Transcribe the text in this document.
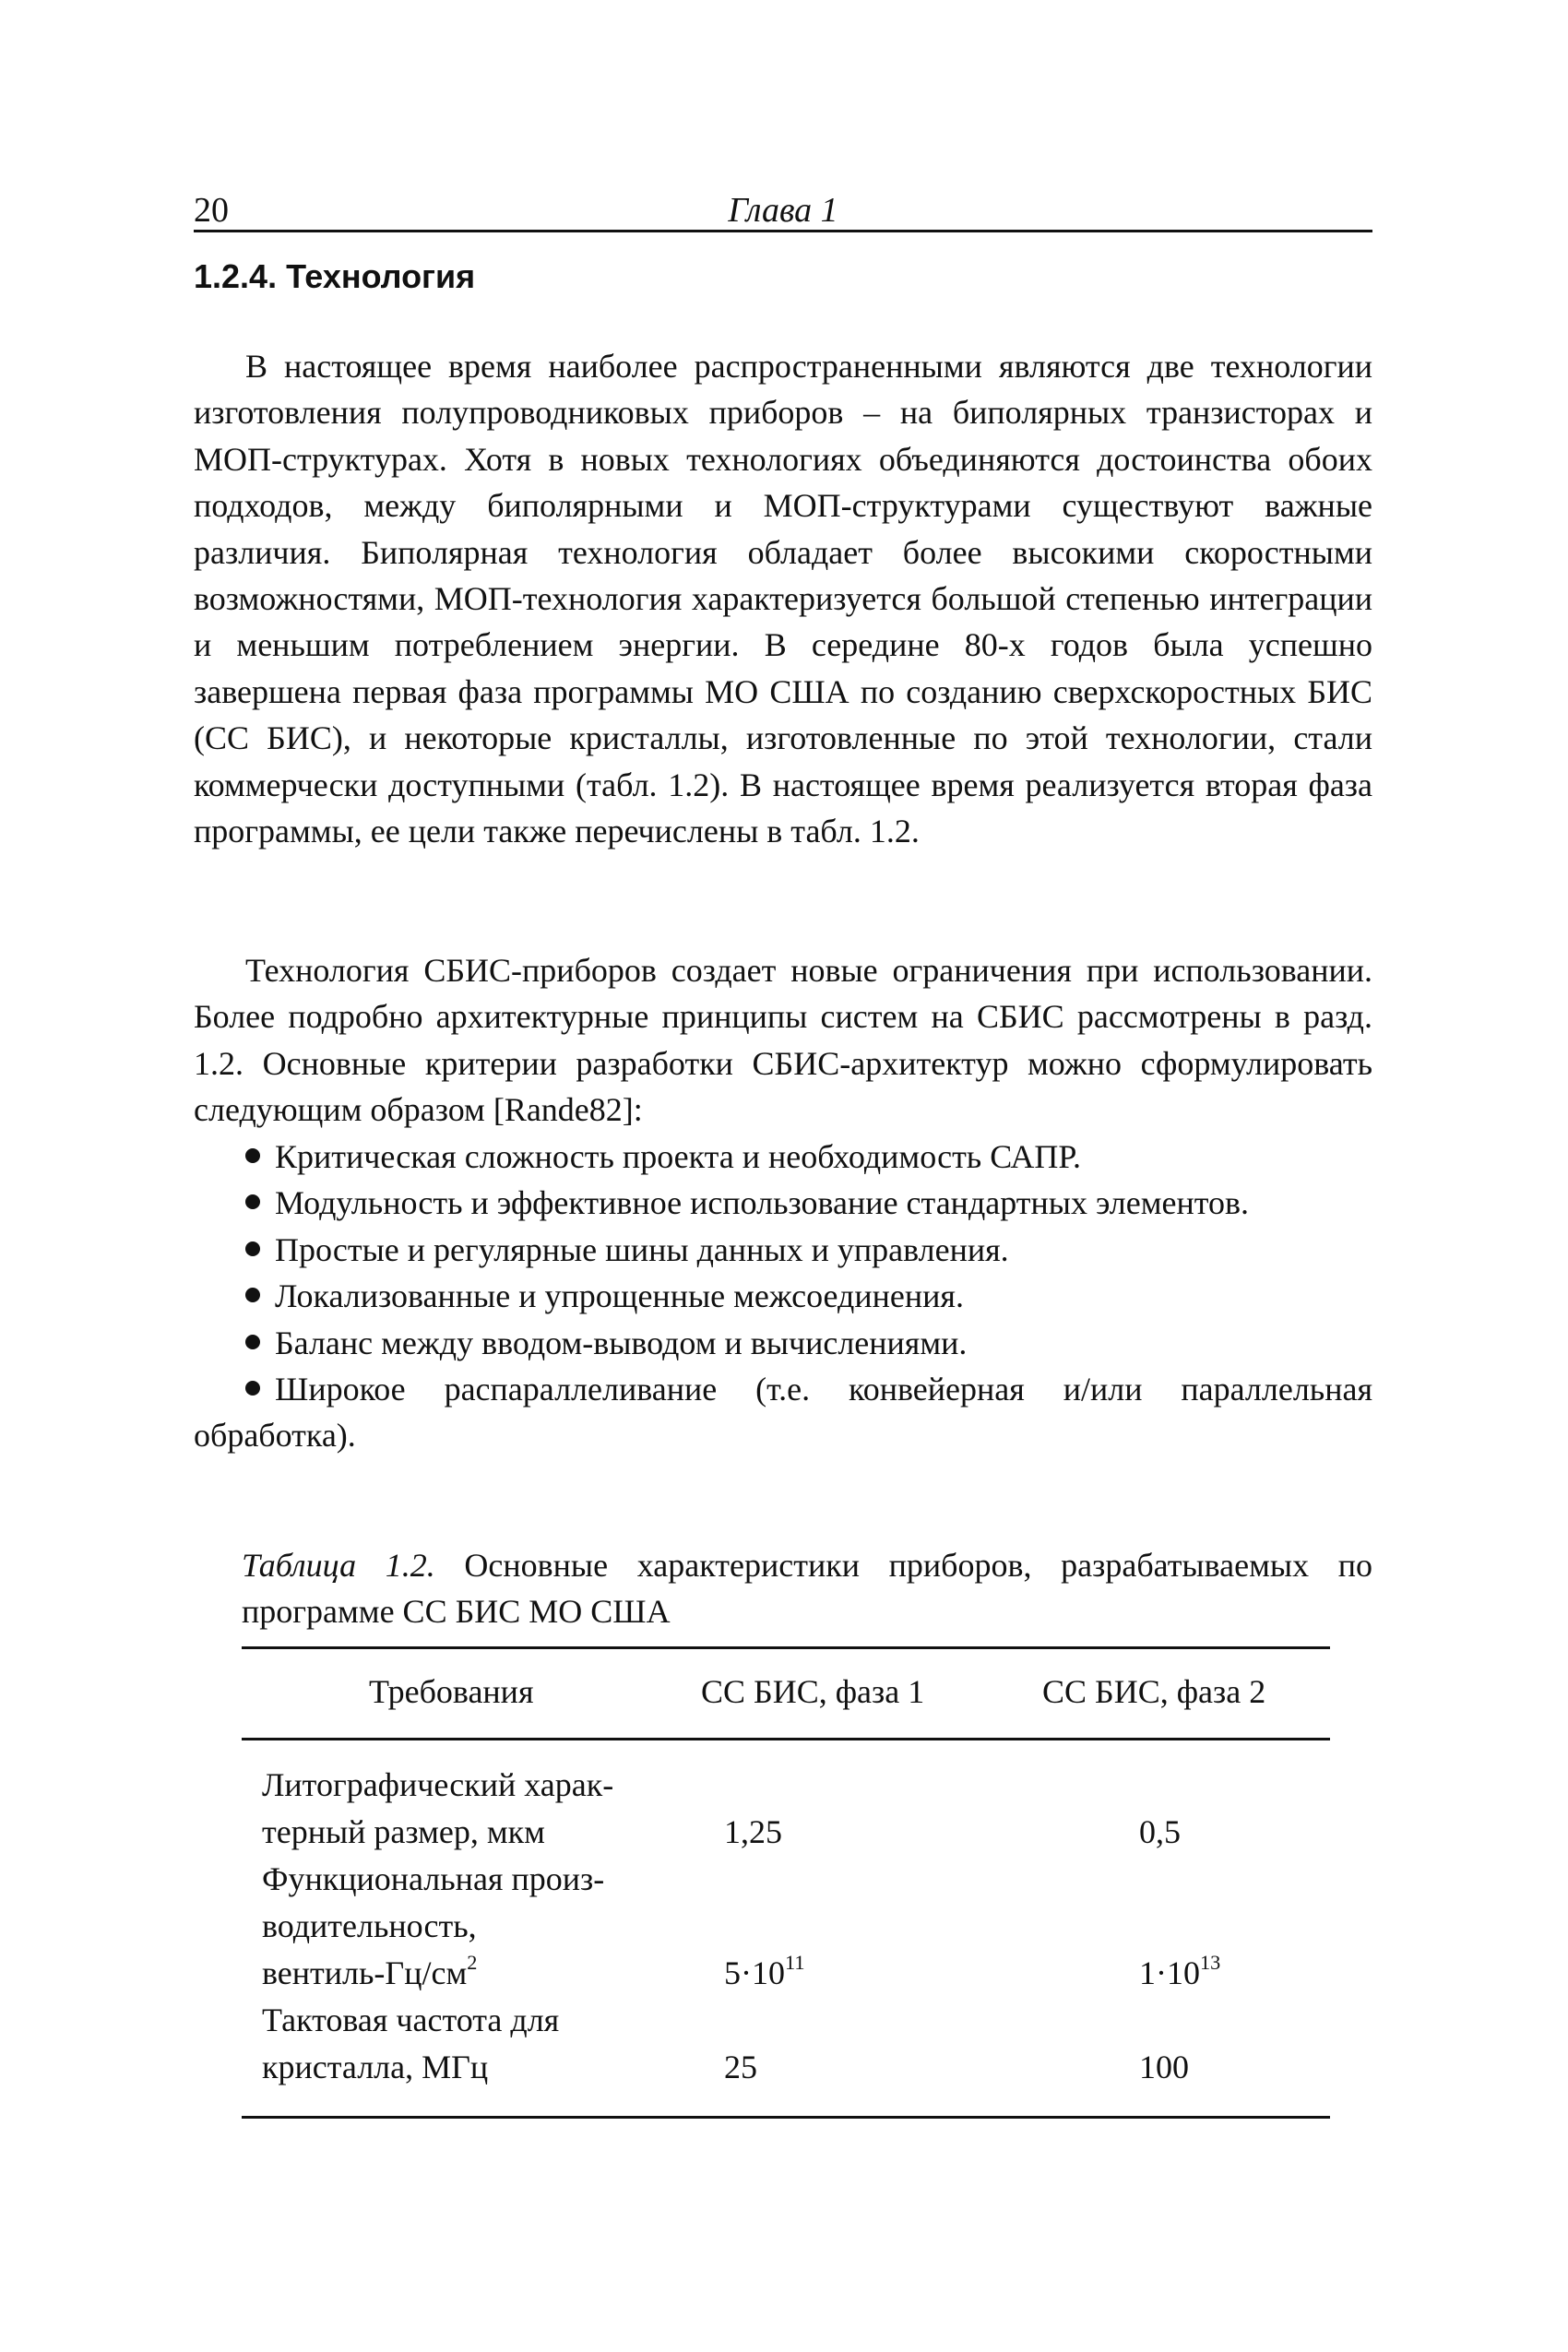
20	Глава 1
1.2.4. Технология

В настоящее время наиболее распространенными являются две технологии изготовления полупроводниковых приборов – на биполярных транзисторах и МОП-структурах. Хотя в новых технологиях объединяются достоинства обоих подходов, между биполярными и МОП-структурами существуют важные различия. Биполярная технология обладает более высокими скоростными возможностями, МОП-технология характеризуется большой степенью интеграции и меньшим потреблением энергии. В середине 80-х годов была успешно завершена первая фаза программы МО США по созданию сверхскоростных БИС (СС БИС), и некоторые кристаллы, изготовленные по этой технологии, стали коммерчески доступными (табл. 1.2). В настоящее время реализуется вторая фаза программы, ее цели также перечислены в табл. 1.2.

Технология СБИС-приборов создает новые ограничения при использовании. Более подробно архитектурные принципы систем на СБИС рассмотрены в разд. 1.2. Основные критерии разработки СБИС-архитектур можно сформулировать следующим образом [Rande82]:

Критическая сложность проекта и необходимость САПР.
Модульность и эффективное использование стандартных элементов.
Простые и регулярные шины данных и управления.
Локализованные и упрощенные межсоединения.
Баланс между вводом-выводом и вычислениями.
Широкое распараллеливание (т.е. конвейерная и/или параллельная обработка).

Таблица 1.2. Основные характеристики приборов, разрабатываемых по программе СС БИС МО США

Требования	СС БИС, фаза 1	СС БИС, фаза 2
Литографический харак-
терный размер, мкм	1,25	0,5
Функциональная произ-
водительность,
вентиль-$Гц/см^2$	$5\cdot 10^{11}$	$1\cdot 10^{13}$
Тактовая частота для
кристалла, МГц	25	100
